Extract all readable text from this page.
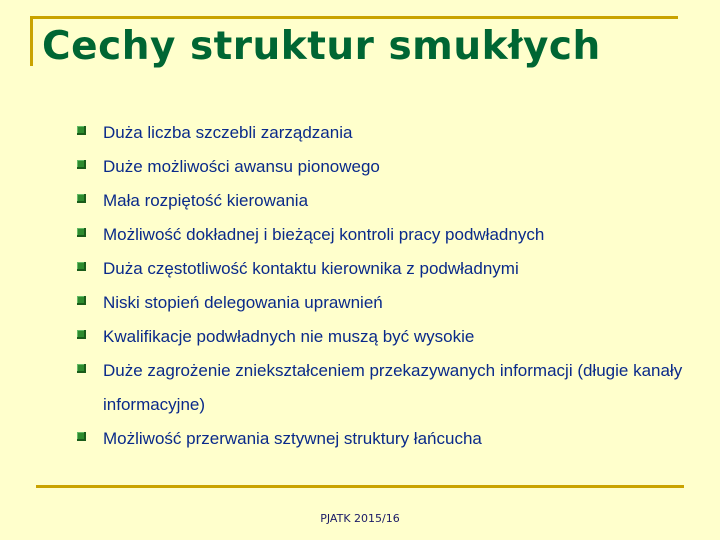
Cechy struktur smukłych
Duża liczba szczebli zarządzania
Duże możliwości awansu pionowego
Mała rozpiętość kierowania
Możliwość dokładnej i bieżącej kontroli pracy podwładnych
Duża częstotliwość kontaktu kierownika z podwładnymi
Niski stopień delegowania uprawnień
Kwalifikacje podwładnych nie muszą być wysokie
Duże zagrożenie zniekształceniem przekazywanych informacji (długie kanały informacyjne)
Możliwość przerwania sztywnej struktury łańcucha
PJATK 2015/16
